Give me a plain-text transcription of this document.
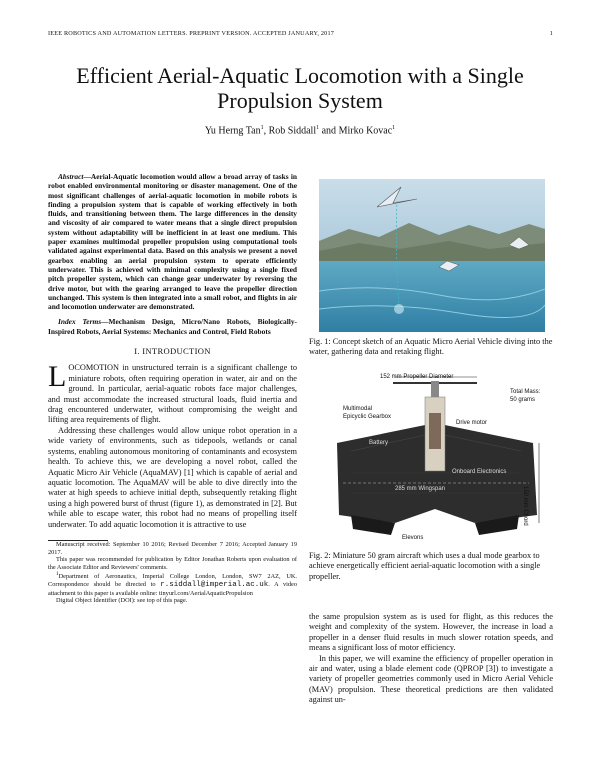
IEEE ROBOTICS AND AUTOMATION LETTERS. PREPRINT VERSION. ACCEPTED JANUARY, 2017	1
Efficient Aerial-Aquatic Locomotion with a Single Propulsion System
Yu Herng Tan$^1$, Rob Siddall$^1$ and Mirko Kovac$^1$

Abstract—Aerial-Aquatic locomotion would allow a broad array of tasks in robot enabled environmental monitoring or disaster management. One of the most significant challenges of aerial-aquatic locomotion in mobile robots is finding a propulsion system that is capable of working effectively in both fluids, and transitioning between them. The large differences in the density and viscosity of air compared to water means that a single direct propulsion system without adaptability will be inefficient in at least one medium. This paper examines multimodal propeller propulsion using computational tools validated against experimental data. Based on this analysis we present a novel gearbox enabling an aerial propulsion system to operate efficiently underwater. This is achieved with minimal complexity using a single fixed pitch propeller system, which can change gear underwater by reversing the drive motor, but with the gearing arranged to leave the propeller direction unchanged. This system is then integrated into a small robot, and flights in air and locomotion underwater are demonstrated.

Index Terms—Mechanism Design, Micro/Nano Robots, Biologically-Inspired Robots, Aerial Systems: Mechanics and Control, Field Robots

I. INTRODUCTION

LOCOMOTION in unstructured terrain is a significant challenge to miniature robots, often requiring operation in water, air and on the ground. In particular, aerial-aquatic robots face major challenges, and must accommodate the increased structural loads, fluid inertia and drag encountered underwater, without compromising the weight and lifting area requirements of flight.

Addressing these challenges would allow unique robot operation in a wide variety of environments, such as tidepools, wetlands or canal systems, enabling autonomous monitoring of contaminants and ecosystem health. To achieve this, we are developing a novel robot, called the Aquatic Micro Air Vehicle (AquaMAV) [1] which is capable of aerial and aquatic locomotion. The AquaMAV will be able to dive directly into the water at high speeds to achieve initial depth, subsequently retaking flight using a high powered burst of thrust (figure 1), as demonstrated in [2]. But while able to escape water, this robot had no means of propelling itself underwater. To add aquatic locomotion it is attractive to use

Manuscript received: September 10 2016; Revised December 7 2016; Accepted January 19 2017.

This paper was recommended for publication by Editor Jonathan Roberts upon evaluation of the Associate Editor and Reviewers' comments.

$^1$Department of Aeronautics, Imperial College London, London, SW7 2AZ, UK. Correspondence should be directed to r.siddall@imperial.ac.uk. A video attachment to this paper is available online: tinyurl.com/AerialAquaticPropulsion

Digital Object Identifier (DOI): see top of this page.

Fig. 1: Concept sketch of an Aquatic Micro Aerial Vehicle diving into the water, gathering data and retaking flight.

152 mm Propeller Diameter
Total Mass:
50 grams
Multimodal
Epicyclic Gearbox
Drive motor
Battery
Onboard Electronics
285 mm Wingspan	150 mm Chord
Elevons

Fig. 2: Miniature 50 gram aircraft which uses a dual mode gearbox to achieve energetically efficient aerial-aquatic locomotion with a single propeller.

the same propulsion system as is used for flight, as this reduces the weight and complexity of the system. However, the increase in load a propeller in a denser fluid results in much slower rotation speeds, and means a significant loss of motor efficiency.

In this paper, we will examine the efficiency of propeller operation in air and water, using a blade element code (QPROP [3]) to investigate a variety of propeller geometries commonly used in Micro Aerial Vehicle (MAV) propulsion. These theoretical predictions are then validated against un-
